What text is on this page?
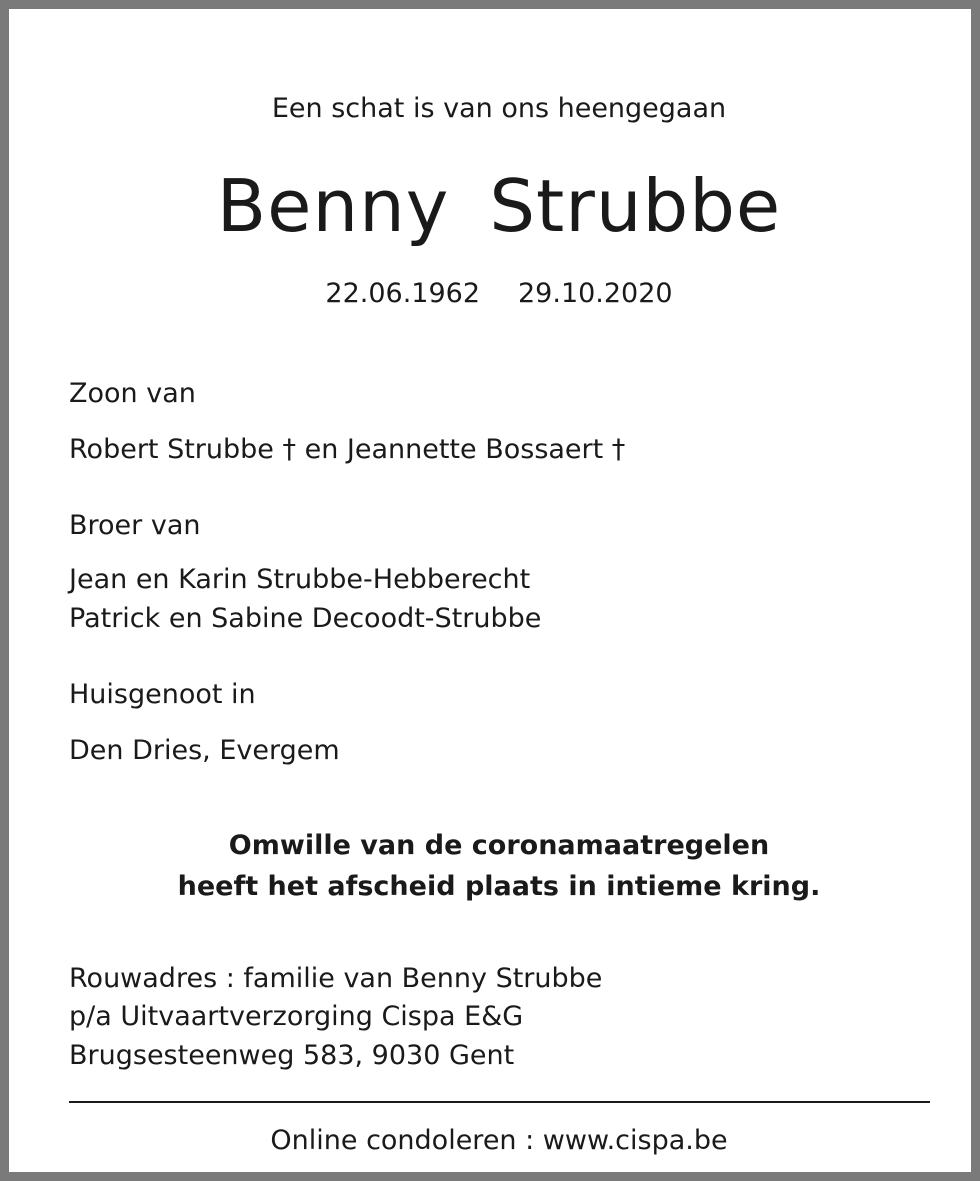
Een schat is van ons heengegaan
Benny Strubbe
22.06.1962 29.10.2020
Zoon van
Robert Strubbe † en Jeannette Bossaert †
Broer van
Jean en Karin Strubbe-Hebberecht
Patrick en Sabine Decoodt-Strubbe
Huisgenoot in
Den Dries, Evergem
Omwille van de coronamaatregelen
heeft het afscheid plaats in intieme kring.
Rouwadres : familie van Benny Strubbe
p/a Uitvaartverzorging Cispa E&G
Brugsesteenweg 583, 9030 Gent
Online condoleren : www.cispa.be
